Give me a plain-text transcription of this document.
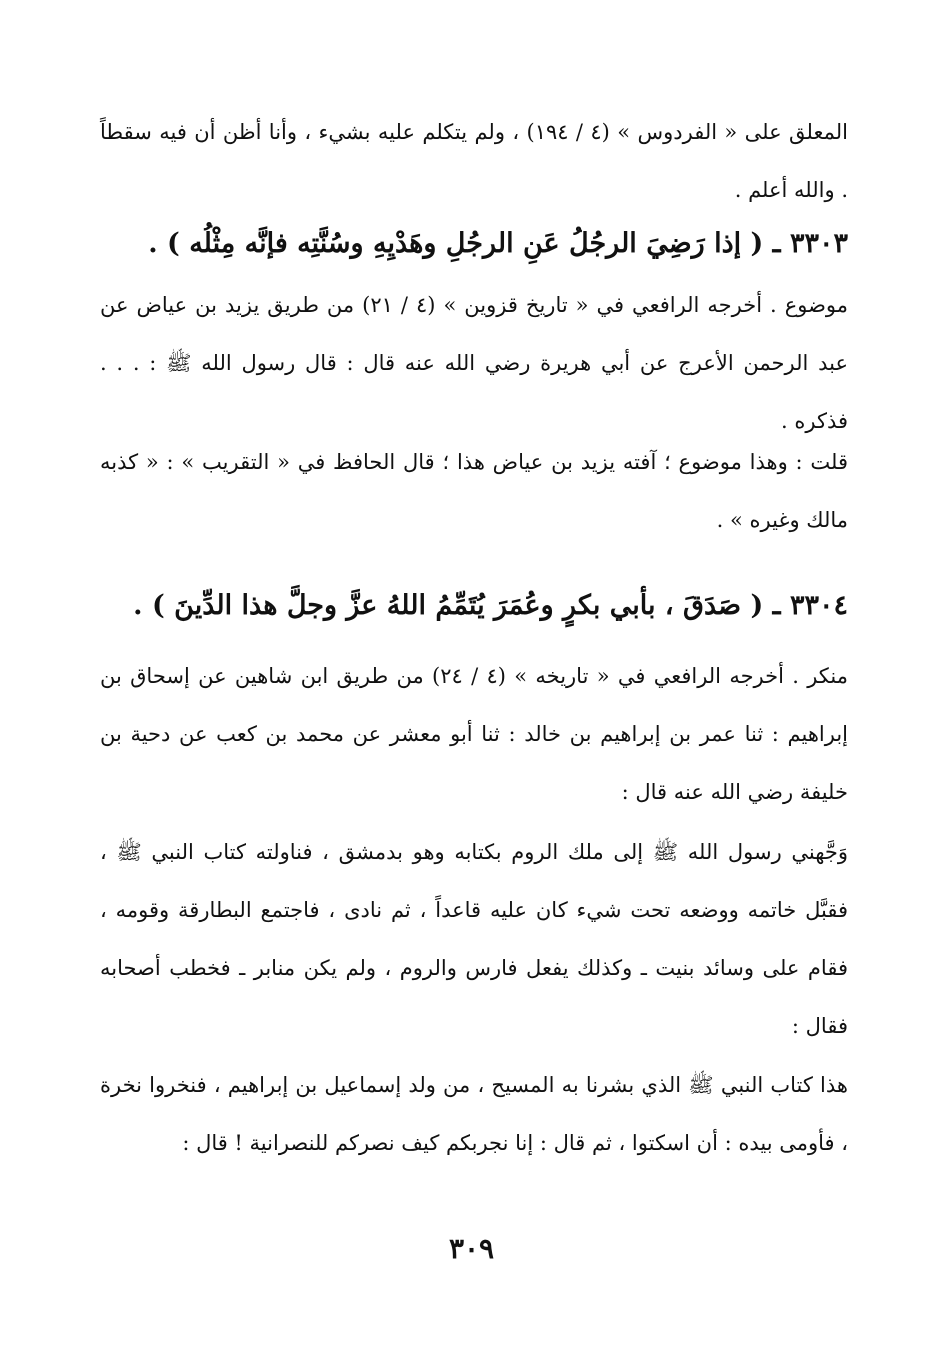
المعلق على « الفردوس » (٤ / ١٩٤) ، ولم يتكلم عليه بشيء ، وأنا أظن أن فيه سقطاً . والله أعلم .

٣٣٠٣ ـ ( إذا رَضِيَ الرجُلُ عَنِ الرجُلِ وهَدْيِهِ وسُنَّتِه فإنَّه مِثْلُه ) .

موضوع . أخرجه الرافعي في « تاريخ قزوين » (٤ / ٢١) من طريق يزيد بن عياض عن عبد الرحمن الأعرج عن أبي هريرة رضي الله عنه قال : قال رسول الله ﷺ : . . . فذكره .

قلت : وهذا موضوع ؛ آفته يزيد بن عياض هذا ؛ قال الحافظ في « التقريب » : « كذبه مالك وغيره » .

٣٣٠٤ ـ ( صَدَقَ ، بأبي بكرٍ وعُمَرَ يُتَمِّمُ اللهُ عزَّ وجلَّ هذا الدِّينَ ) .

منكر . أخرجه الرافعي في « تاريخه » (٤ / ٢٤) من طريق ابن شاهين عن إسحاق بن إبراهيم : ثنا عمر بن إبراهيم بن خالد : ثنا أبو معشر عن محمد بن كعب عن دحية بن خليفة رضي الله عنه قال :

وَجَّهني رسول الله ﷺ إلى ملك الروم بكتابه وهو بدمشق ، فناولته كتاب النبي ﷺ ، فقبَّل خاتمه ووضعه تحت شيء كان عليه قاعداً ، ثم نادى ، فاجتمع البطارقة وقومه ، فقام على وسائد بنيت ـ وكذلك يفعل فارس والروم ، ولم يكن منابر ـ فخطب أصحابه فقال :

هذا كتاب النبي ﷺ الذي بشرنا به المسيح ، من ولد إسماعيل بن إبراهيم ، فنخروا نخرة ، فأومى بيده : أن اسكتوا ، ثم قال : إنا نجربكم كيف نصركم للنصرانية ! قال :

٣٠٩
